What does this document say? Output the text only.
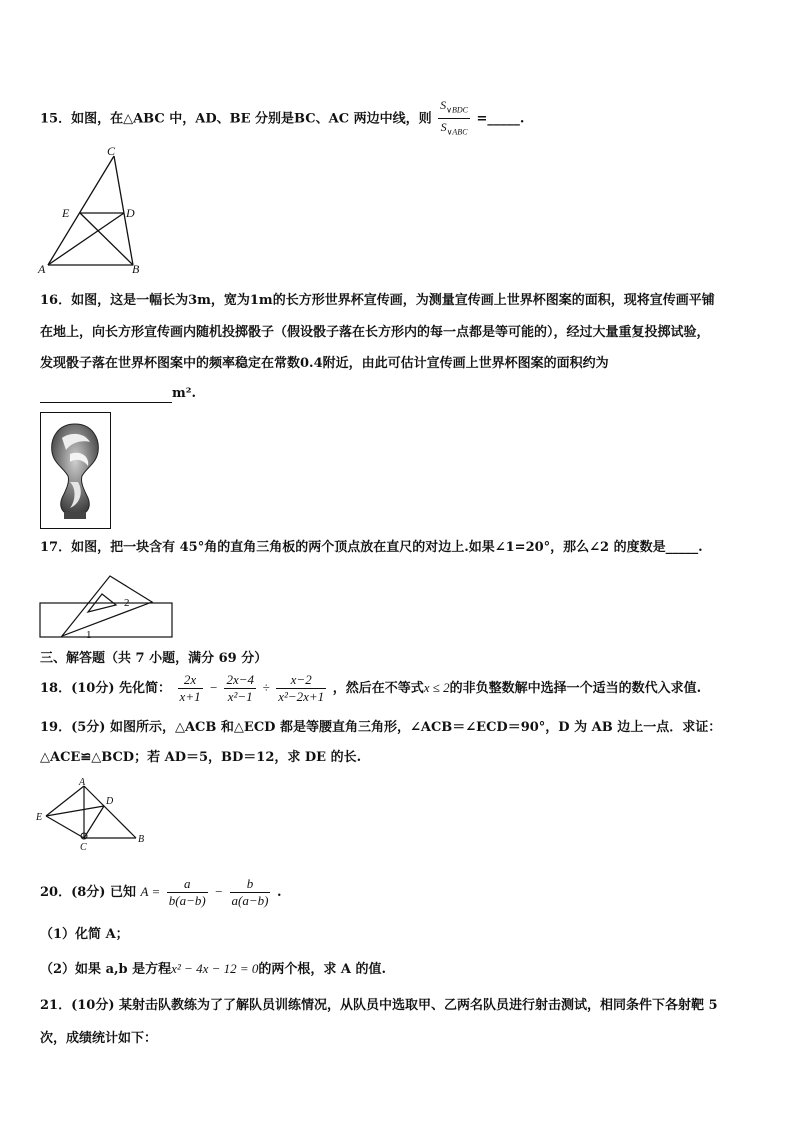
15．如图，在△ABC 中，AD、BE 分别是BC、AC 两边中线，则 $\frac{S_{\vee BDC}}{S_{\vee ABC}}$ =_____.
C
E	D
A	B
16．如图，这是一幅长为3m，宽为1m的长方形世界杯宣传画，为测量宣传画上世界杯图案的面积，现将宣传画平铺
在地上，向长方形宣传画内随机投掷骰子（假设骰子落在长方形内的每一点都是等可能的），经过大量重复投掷试验，
发现骰子落在世界杯图案中的频率稳定在常数0.4附近，由此可估计宣传画上世界杯图案的面积约为
m².
17．如图，把一块含有 45°角的直角三角板的两个顶点放在直尺的对边上.如果∠1=20°，那么∠2 的度数是_____.
2
1
三、解答题（共 7 小题，满分 69 分）
18．(10分) 先化简： $\frac{2x}{x+1} - \frac{2x-4}{\text{x²−1}} \div \frac{x-2}{\text{x²−2x+1}}$ ，然后在不等式x ≤ 2的非负整数解中选择一个适当的数代入求值.
19．(5分) 如图所示，△ACB 和△ECD 都是等腰直角三角形，∠ACB＝∠ECD＝90°，D 为 AB 边上一点．求证：
△ACE≌△BCD；若 AD＝5，BD＝12，求 DE 的长.
A
D
E
C
B
20．(8分) 已知 $A = \frac{a}{b(a-b)} - \frac{b}{a(a-b)}$ .
（1）化简 A；
（2）如果 a,b 是方程x² − 4x − 12 = 0的两个根，求 A 的值.
21．(10分) 某射击队教练为了了解队员训练情况，从队员中选取甲、乙两名队员进行射击测试，相同条件下各射靶 5
次，成绩统计如下：
